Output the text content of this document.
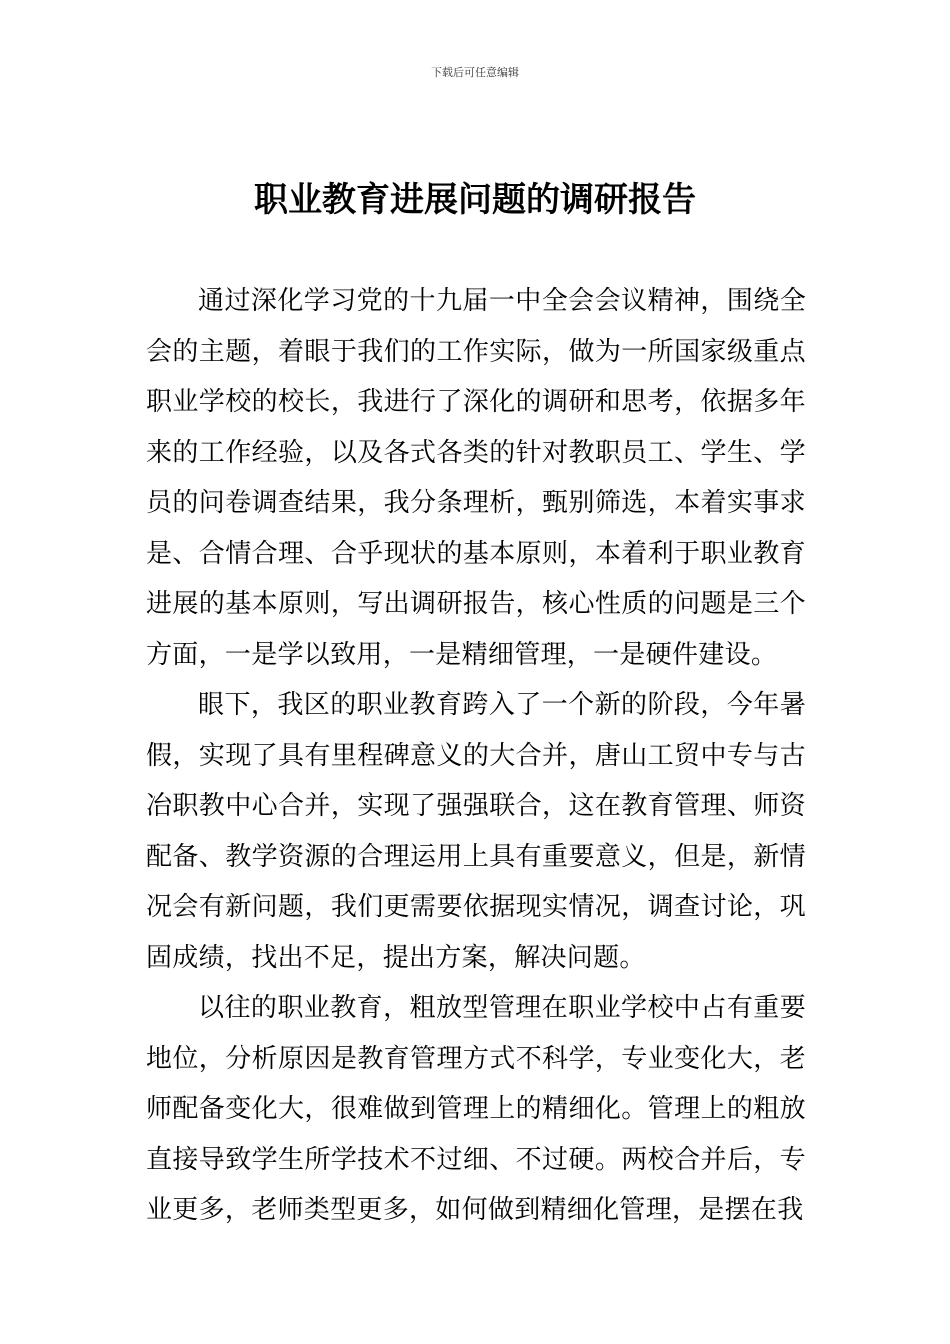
下载后可任意编辑
职业教育进展问题的调研报告

通过深化学习党的十九届一中全会会议精神，围绕全会的主题，着眼于我们的工作实际，做为一所国家级重点职业学校的校长，我进行了深化的调研和思考，依据多年来的工作经验，以及各式各类的针对教职员工、学生、学员的问卷调查结果，我分条理析，甄别筛选，本着实事求是、合情合理、合乎现状的基本原则，本着利于职业教育进展的基本原则，写出调研报告，核心性质的问题是三个方面，一是学以致用，一是精细管理，一是硬件建设。

眼下，我区的职业教育跨入了一个新的阶段，今年暑假，实现了具有里程碑意义的大合并，唐山工贸中专与古冶职教中心合并，实现了强强联合，这在教育管理、师资配备、教学资源的合理运用上具有重要意义，但是，新情况会有新问题，我们更需要依据现实情况，调查讨论，巩固成绩，找出不足，提出方案，解决问题。

以往的职业教育，粗放型管理在职业学校中占有重要地位，分析原因是教育管理方式不科学，专业变化大，老师配备变化大，很难做到管理上的精细化。管理上的粗放直接导致学生所学技术不过细、不过硬。两校合并后，专业更多，老师类型更多，如何做到精细化管理，是摆在我
